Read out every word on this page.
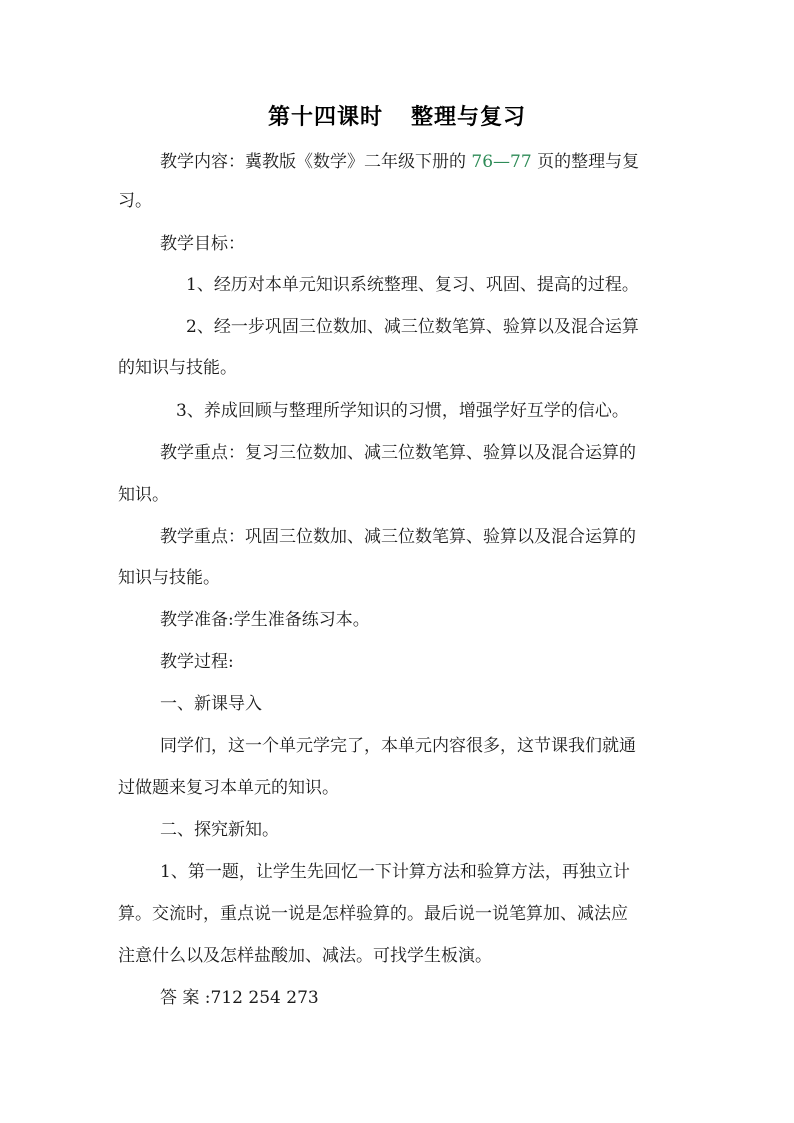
第十四课时 整理与复习
教学内容：冀教版《数学》二年级下册的 76—77 页的整理与复
习。
教学目标：
1、经历对本单元知识系统整理、复习、巩固、提高的过程。
2、经一步巩固三位数加、减三位数笔算、验算以及混合运算
的知识与技能。
3、养成回顾与整理所学知识的习惯，增强学好互学的信心。
教学重点：复习三位数加、减三位数笔算、验算以及混合运算的
知识。
教学重点：巩固三位数加、减三位数笔算、验算以及混合运算的
知识与技能。
教学准备:学生准备练习本。
教学过程:
一、新课导入
同学们，这一个单元学完了，本单元内容很多，这节课我们就通
过做题来复习本单元的知识。
二、探究新知。
1、第一题，让学生先回忆一下计算方法和验算方法，再独立计
算。交流时，重点说一说是怎样验算的。最后说一说笔算加、减法应
注意什么以及怎样盐酸加、减法。可找学生板演。
答 案 :712 254 273
